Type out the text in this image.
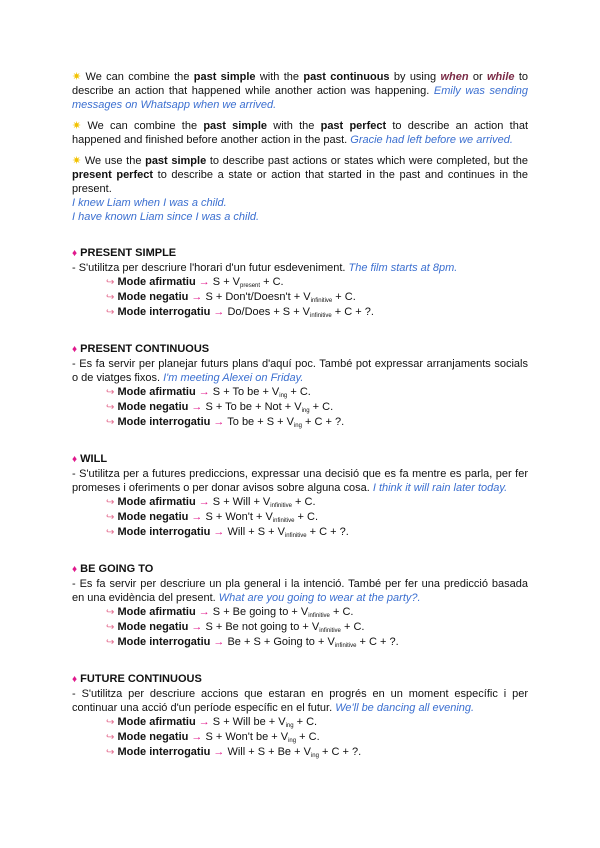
✷ We can combine the past simple with the past continuous by using when or while to describe an action that happened while another action was happening. Emily was sending messages on Whatsapp when we arrived.

✷ We can combine the past simple with the past perfect to describe an action that happened and finished before another action in the past. Gracie had left before we arrived.

✷ We use the past simple to describe past actions or states which were completed, but the present perfect to describe a state or action that started in the past and continues in the present.

I knew Liam when I was a child.

I have known Liam since I was a child.

♦ PRESENT SIMPLE

- S'utilitza per descriure l'horari d'un futur esdeveniment. The film starts at 8pm.

↪ Mode afirmatiu → $S + V_{present} + C$.

↪ Mode negatiu → S + Don't/Doesn't + $V_{infinitive} + C$.

↪ Mode interrogatiu → Do/Does + $S + V_{infinitive} + C$ + ?.

♦ PRESENT CONTINUOUS

- Es fa servir per planejar futurs plans d'aquí poc. També pot expressar arranjaments socials o de viatges fixos. I'm meeting Alexei on Friday.

↪ Mode afirmatiu → S + To be + $V_{ing} + C$.

↪ Mode negatiu → S + To be + Not + $V_{ing} + C$.

↪ Mode interrogatiu → To be + $S + V_{ing} + C$ + ?.

♦ WILL

- S'utilitza per a futures prediccions, expressar una decisió que es fa mentre es parla, per fer promeses i oferiments o per donar avisos sobre alguna cosa. I think it will rain later today.

↪ Mode afirmatiu → S + Will + $V_{infinitive} + C$.

↪ Mode negatiu → $S + Won't + V_{infinitive} + C$.

↪ Mode interrogatiu → Will + $S + V_{infinitive} + C$ + ?.

♦ BE GOING TO

- Es fa servir per descriure un pla general i la intenció. També per fer una predicció basada en una evidència del present. What are you going to wear at the party?.

↪ Mode afirmatiu → S + Be going to + $V_{infinitive} + C$.

↪ Mode negatiu → S + Be not going to + $V_{infinitive} + C$.

↪ Mode interrogatiu → Be + S + Going to + $V_{infinitive} + C$ + ?.

♦ FUTURE CONTINUOUS

- S'utilitza per descriure accions que estaran en progrés en un moment específic i per continuar una acció d'un període específic en el futur. We'll be dancing all evening.

↪ Mode afirmatiu → S + Will be + $V_{ing} + C$.

↪ Mode negatiu → S + Won't be + $V_{ing} + C$.

↪ Mode interrogatiu → Will + $S + Be + V_{ing} + C$ + ?.
